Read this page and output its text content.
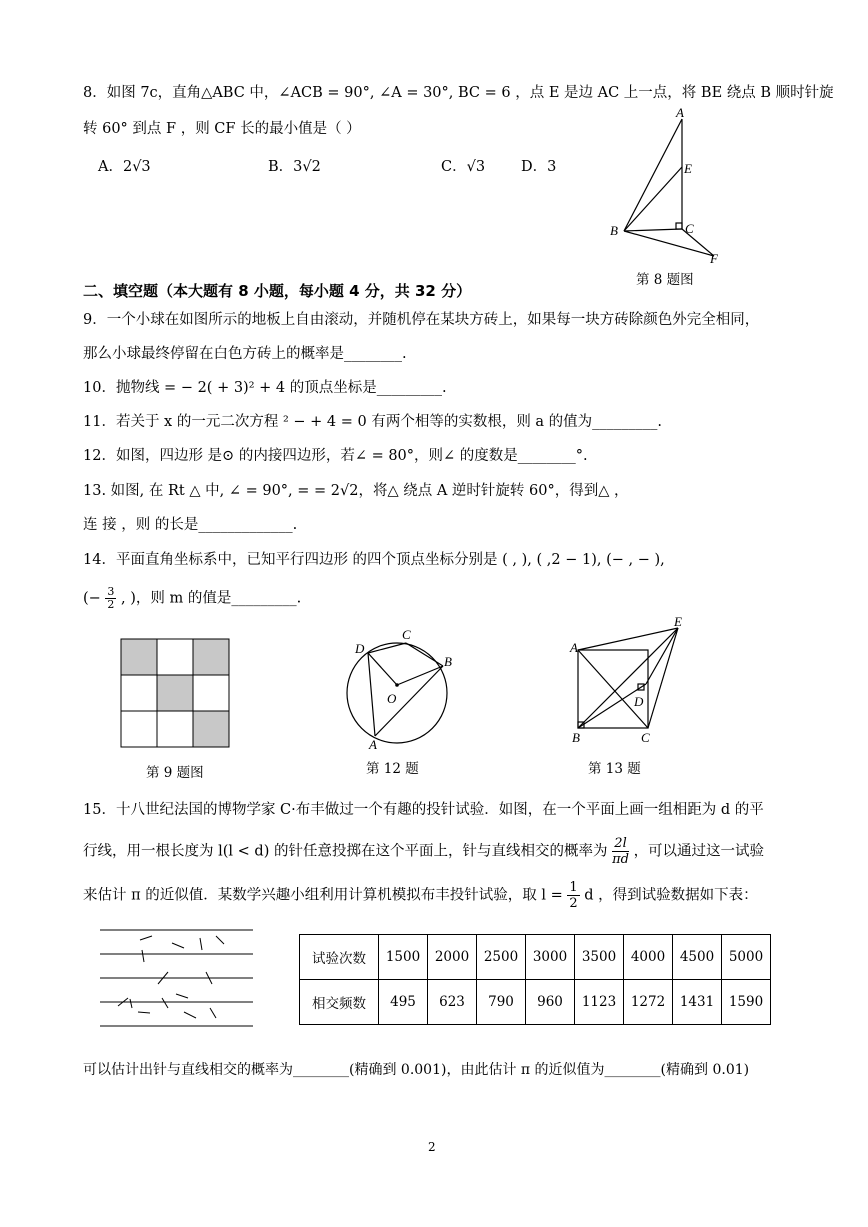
8．如图 7c，直角△ABC 中，∠ACB = 90°, ∠A = 30°, BC = 6 ，点 E 是边 AC 上一点，将 BE 绕点 B 顺时针旋
转 60° 到点 F ，则 CF 长的最小值是（ ）
A．2√3	B．3√2	C．√3 D．3
A
E
B	C
F
第 8 题图
二、填空题（本大题有 8 小题，每小题 4 分，共 32 分）
9．一个小球在如图所示的地板上自由滚动，并随机停在某块方砖上，如果每一块方砖除颜色外完全相同，
那么小球最终停留在白色方砖上的概率是________.
10．抛物线 = − 2( + 3)² + 4 的顶点坐标是_________.
11．若关于 x 的一元二次方程 ² − + 4 = 0 有两个相等的实数根，则 a 的值为_________.
12．如图，四边形 是⊙ 的内接四边形，若∠ = 80°，则∠ 的度数是________°.
13. 如图, 在 Rt △ 中, ∠ = 90°, = = 2√2，将△ 绕点 A 逆时针旋转 60°，得到△ ，
连 接 ，则 的长是_____________.
14．平面直角坐标系中，已知平行四边形 的四个顶点坐标分别是 ( , ), ( ,2 − 1), (− , − ),
(− $\frac{3}{2}$ , )，则 m 的值是_________.
第 9 题图
D
C
B
O
A
第 12 题
A
E
D
B	C
第 13 题
15．十八世纪法国的博物学家 C·布丰做过一个有趣的投针试验．如图，在一个平面上画一组相距为 d 的平
行线，用一根长度为 l(l < d) 的针任意投掷在这个平面上，针与直线相交的概率为 $\frac{2l}{\pi d}$ ，可以通过这一试验
来估计 π 的近似值．某数学兴趣小组利用计算机模拟布丰投针试验，取 $l = \frac{1}{2}$ d ，得到试验数据如下表：
试验次数	1500	2000	2500	3000	3500	4000	4500	5000
相交频数	495	623	790	960	1123	1272	1431	1590
可以估计出针与直线相交的概率为________(精确到 0.001)，由此估计 π 的近似值为________(精确到 0.01)
2
